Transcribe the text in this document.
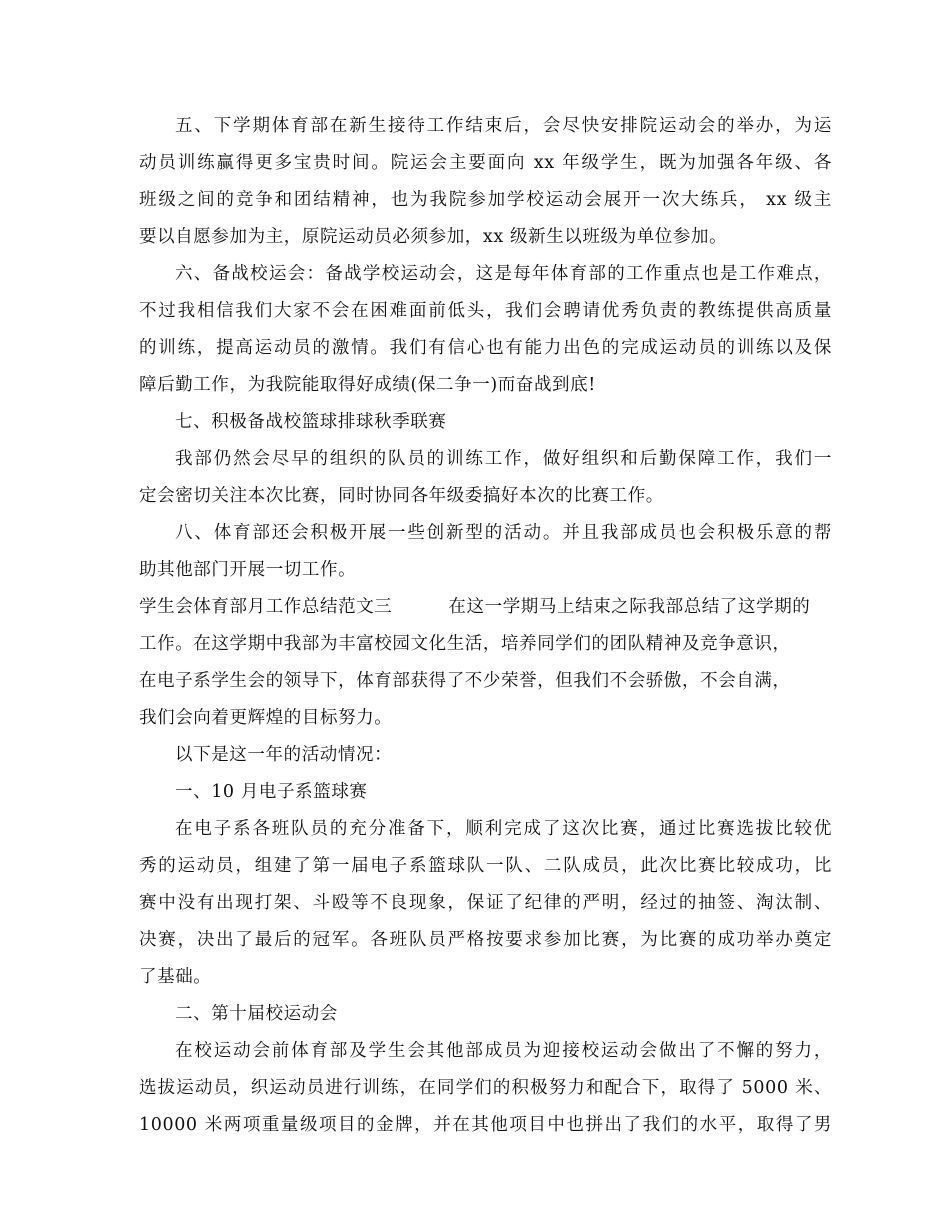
五、下学期体育部在新生接待工作结束后，会尽快安排院运动会的举办，为运
动员训练赢得更多宝贵时间。院运会主要面向 xx 年级学生，既为加强各年级、各
班级之间的竞争和团结精神，也为我院参加学校运动会展开一次大练兵， xx 级主
要以自愿参加为主，原院运动员必须参加，xx 级新生以班级为单位参加。
六、备战校运会：备战学校运动会，这是每年体育部的工作重点也是工作难点，
不过我相信我们大家不会在困难面前低头，我们会聘请优秀负责的教练提供高质量
的训练，提高运动员的激情。我们有信心也有能力出色的完成运动员的训练以及保
障后勤工作，为我院能取得好成绩(保二争一)而奋战到底!
七、积极备战校篮球排球秋季联赛
我部仍然会尽早的组织的队员的训练工作，做好组织和后勤保障工作，我们一
定会密切关注本次比赛，同时协同各年级委搞好本次的比赛工作。
八、体育部还会积极开展一些创新型的活动。并且我部成员也会积极乐意的帮
助其他部门开展一切工作。
学生会体育部月工作总结范文三	在这一学期马上结束之际我部总结了这学期的
工作。在这学期中我部为丰富校园文化生活，培养同学们的团队精神及竞争意识，
在电子系学生会的领导下，体育部获得了不少荣誉，但我们不会骄傲，不会自满，
我们会向着更辉煌的目标努力。
以下是这一年的活动情况：
一、10 月电子系篮球赛
在电子系各班队员的充分准备下，顺利完成了这次比赛，通过比赛选拔比较优
秀的运动员，组建了第一届电子系篮球队一队、二队成员，此次比赛比较成功，比
赛中没有出现打架、斗殴等不良现象，保证了纪律的严明，经过的抽签、淘汰制、
决赛，决出了最后的冠军。各班队员严格按要求参加比赛，为比赛的成功举办奠定
了基础。
二、第十届校运动会
在校运动会前体育部及学生会其他部成员为迎接校运动会做出了不懈的努力，
选拔运动员，织运动员进行训练，在同学们的积极努力和配合下，取得了 5000 米、
10000 米两项重量级项目的金牌，并在其他项目中也拼出了我们的水平，取得了男
